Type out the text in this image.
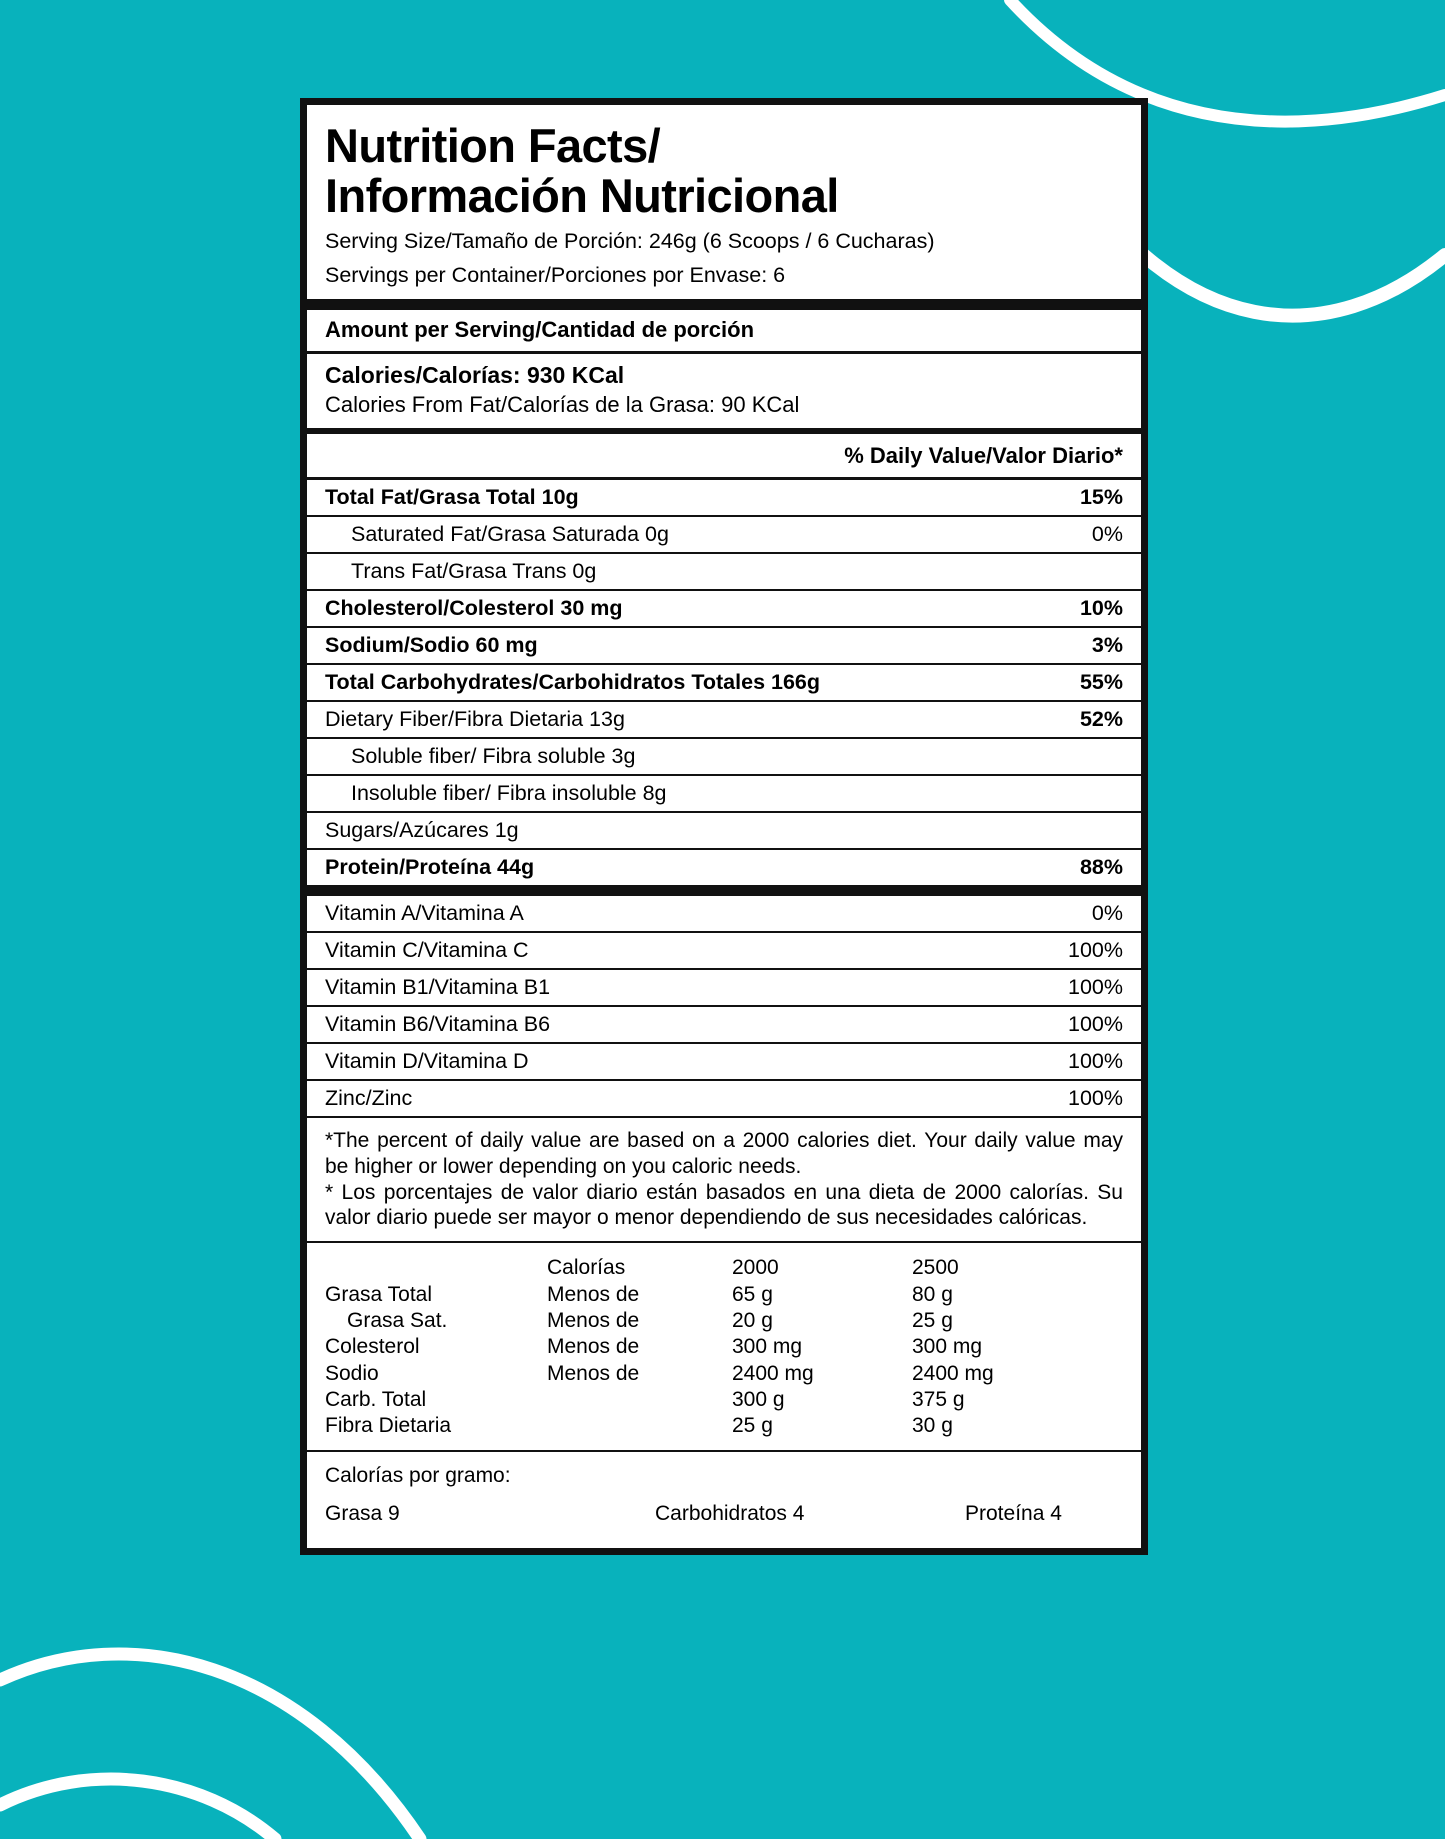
Nutrition Facts/
Información Nutricional
Serving Size/Tamaño de Porción: 246g (6 Scoops / 6 Cucharas)
Servings per Container/Porciones por Envase: 6
Amount per Serving/Cantidad de porción
Calories/Calorías: 930 KCal
Calories From Fat/Calorías de la Grasa: 90 KCal
% Daily Value/Valor Diario*
Total Fat/Grasa Total 10g	15%
Saturated Fat/Grasa Saturada 0g	0%
Trans Fat/Grasa Trans 0g
Cholesterol/Colesterol 30 mg	10%
Sodium/Sodio 60 mg	3%
Total Carbohydrates/Carbohidratos Totales 166g	55%
Dietary Fiber/Fibra Dietaria 13g	52%
Soluble fiber/ Fibra soluble 3g
Insoluble fiber/ Fibra insoluble 8g
Sugars/Azúcares 1g
Protein/Proteína 44g	88%
Vitamin A/Vitamina A	0%
Vitamin C/Vitamina C	100%
Vitamin B1/Vitamina B1	100%
Vitamin B6/Vitamina B6	100%
Vitamin D/Vitamina D	100%
Zinc/Zinc	100%

*The percent of daily value are based on a 2000 calories diet. Your daily value may be higher or lower depending on you caloric needs.

* Los porcentajes de valor diario están basados en una dieta de 2000 calorías. Su valor diario puede ser mayor o menor dependiendo de sus necesidades calóricas.

	Calorías	2000	2500
Grasa Total	Menos de	65 g	80 g
Grasa Sat.	Menos de	20 g	25 g
Colesterol	Menos de	300 mg	300 mg
Sodio	Menos de	2400 mg	2400 mg
Carb. Total		300 g	375 g
Fibra Dietaria		25 g	30 g
Calorías por gramo:
Grasa 9	Carbohidratos 4	Proteína 4
